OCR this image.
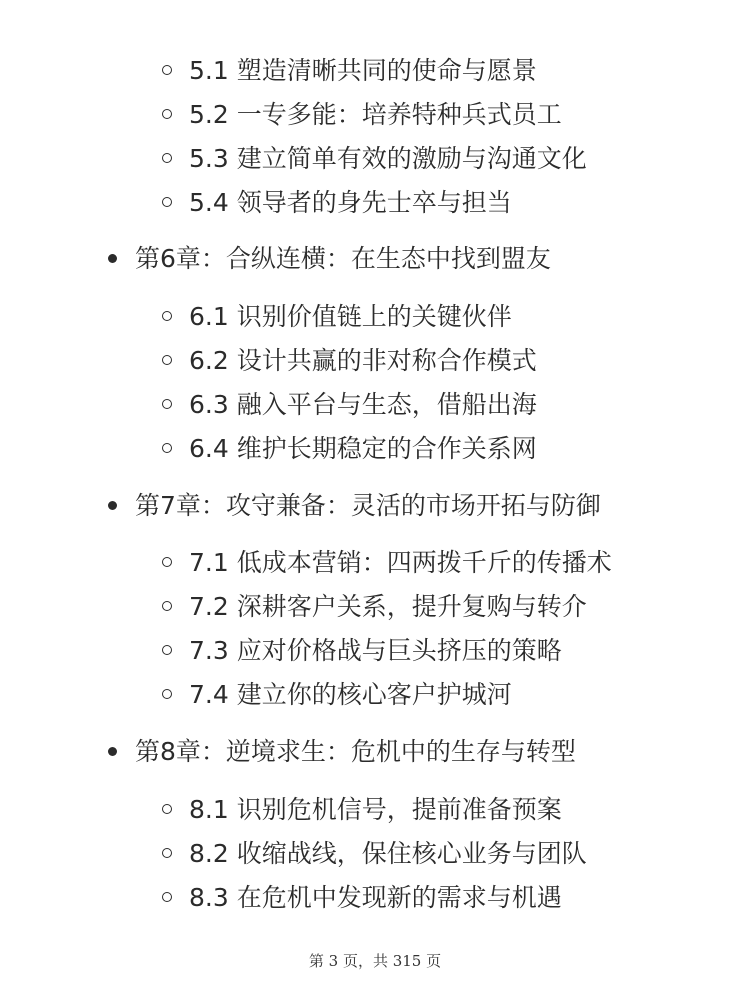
5.1 塑造清晰共同的使命与愿景
5.2 一专多能：培养特种兵式员工
5.3 建立简单有效的激励与沟通文化
5.4 领导者的身先士卒与担当
第6章：合纵连横：在生态中找到盟友
6.1 识别价值链上的关键伙伴
6.2 设计共赢的非对称合作模式
6.3 融入平台与生态，借船出海
6.4 维护长期稳定的合作关系网
第7章：攻守兼备：灵活的市场开拓与防御
7.1 低成本营销：四两拨千斤的传播术
7.2 深耕客户关系，提升复购与转介
7.3 应对价格战与巨头挤压的策略
7.4 建立你的核心客户护城河
第8章：逆境求生：危机中的生存与转型
8.1 识别危机信号，提前准备预案
8.2 收缩战线，保住核心业务与团队
8.3 在危机中发现新的需求与机遇
第 3 页，共 315 页
